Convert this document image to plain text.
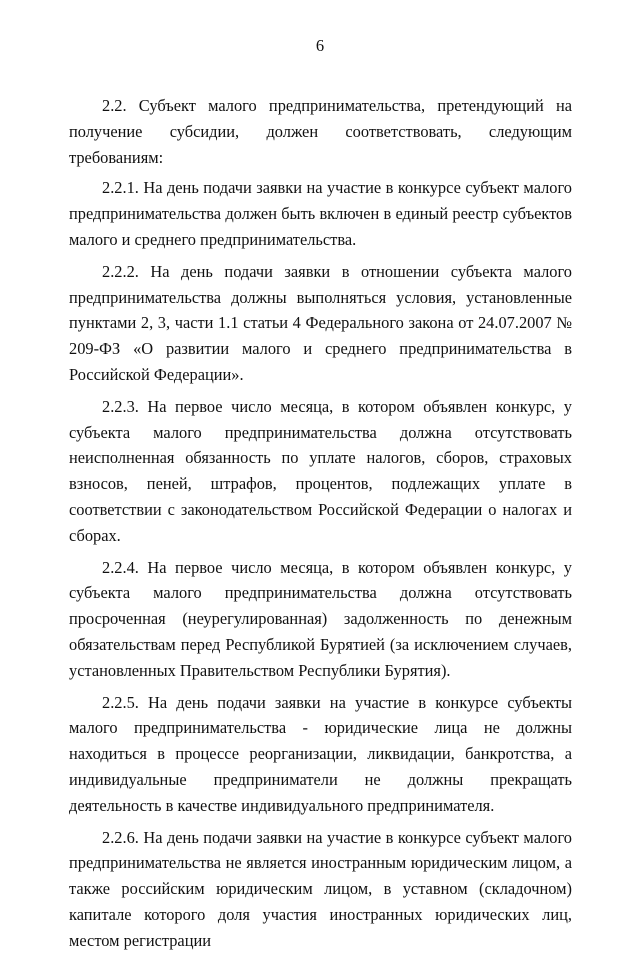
6

2.2. Субъект малого предпринимательства, претендующий на получение субсидии, должен соответствовать, следующим требованиям:

2.2.1. На день подачи заявки на участие в конкурсе субъект малого предпринимательства должен быть включен в единый реестр субъектов малого и среднего предпринимательства.

2.2.2. На день подачи заявки в отношении субъекта малого предпринимательства должны выполняться условия, установленные пунктами 2, 3, части 1.1 статьи 4 Федерального закона от 24.07.2007 № 209-ФЗ «О развитии малого и среднего предпринимательства в Российской Федерации».

2.2.3. На первое число месяца, в котором объявлен конкурс, у субъекта малого предпринимательства должна отсутствовать неисполненная обязанность по уплате налогов, сборов, страховых взносов, пеней, штрафов, процентов, подлежащих уплате в соответствии с законодательством Российской Федерации о налогах и сборах.

2.2.4. На первое число месяца, в котором объявлен конкурс, у субъекта малого предпринимательства должна отсутствовать просроченная (неурегулированная) задолженность по денежным обязательствам перед Республикой Бурятией (за исключением случаев, установленных Правительством Республики Бурятия).

2.2.5. На день подачи заявки на участие в конкурсе субъекты малого предпринимательства - юридические лица не должны находиться в процессе реорганизации, ликвидации, банкротства, а индивидуальные предприниматели не должны прекращать деятельность в качестве индивидуального предпринимателя.

2.2.6. На день подачи заявки на участие в конкурсе субъект малого предпринимательства не является иностранным юридическим лицом, а также российским юридическим лицом, в уставном (складочном) капитале которого доля участия иностранных юридических лиц, местом регистрации
